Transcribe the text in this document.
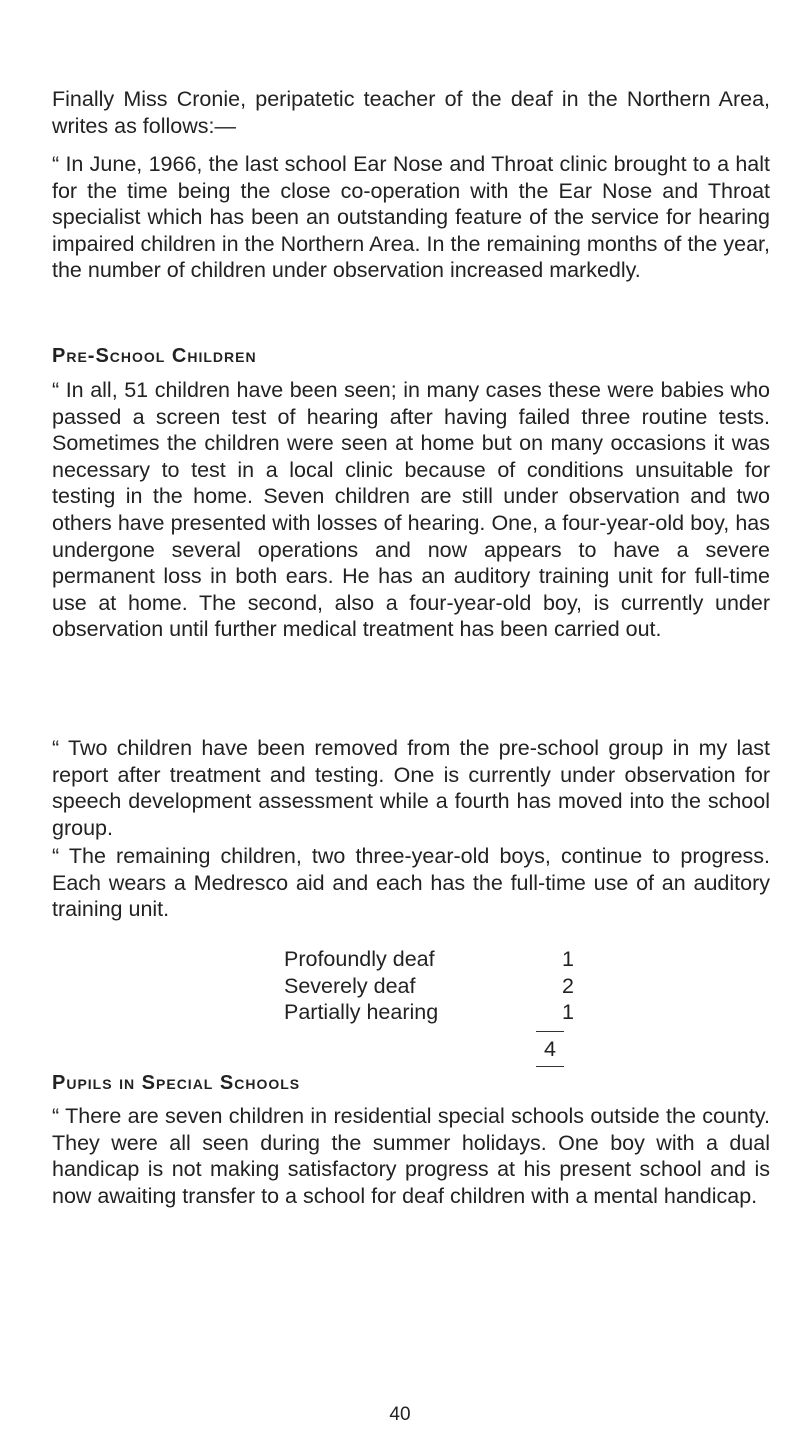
Finally Miss Cronie, peripatetic teacher of the deaf in the Northern Area, writes as follows:—

“ In June, 1966, the last school Ear Nose and Throat clinic brought to a halt for the time being the close co-operation with the Ear Nose and Throat specialist which has been an outstanding feature of the service for hearing impaired children in the Northern Area. In the remaining months of the year, the number of children under observation increased markedly.

Pre-School Children

“ In all, 51 children have been seen; in many cases these were babies who passed a screen test of hearing after having failed three routine tests. Sometimes the children were seen at home but on many occasions it was necessary to test in a local clinic because of conditions unsuitable for testing in the home. Seven children are still under observation and two others have presented with losses of hearing. One, a four-year-old boy, has undergone several operations and now appears to have a severe permanent loss in both ears. He has an auditory training unit for full-time use at home. The second, also a four-year-old boy, is currently under observation until further medical treatment has been carried out.

“ Two children have been removed from the pre-school group in my last report after treatment and testing. One is currently under observation for speech development assessment while a fourth has moved into the school group.

“ The remaining children, two three-year-old boys, continue to progress. Each wears a Medresco aid and each has the full-time use of an auditory training unit.

Profoundly deaf	1
Severely deaf	2
Partially hearing	1
4
Pupils in Special Schools

“ There are seven children in residential special schools outside the county. They were all seen during the summer holidays. One boy with a dual handicap is not making satisfactory progress at his present school and is now awaiting transfer to a school for deaf children with a mental handicap.

40
